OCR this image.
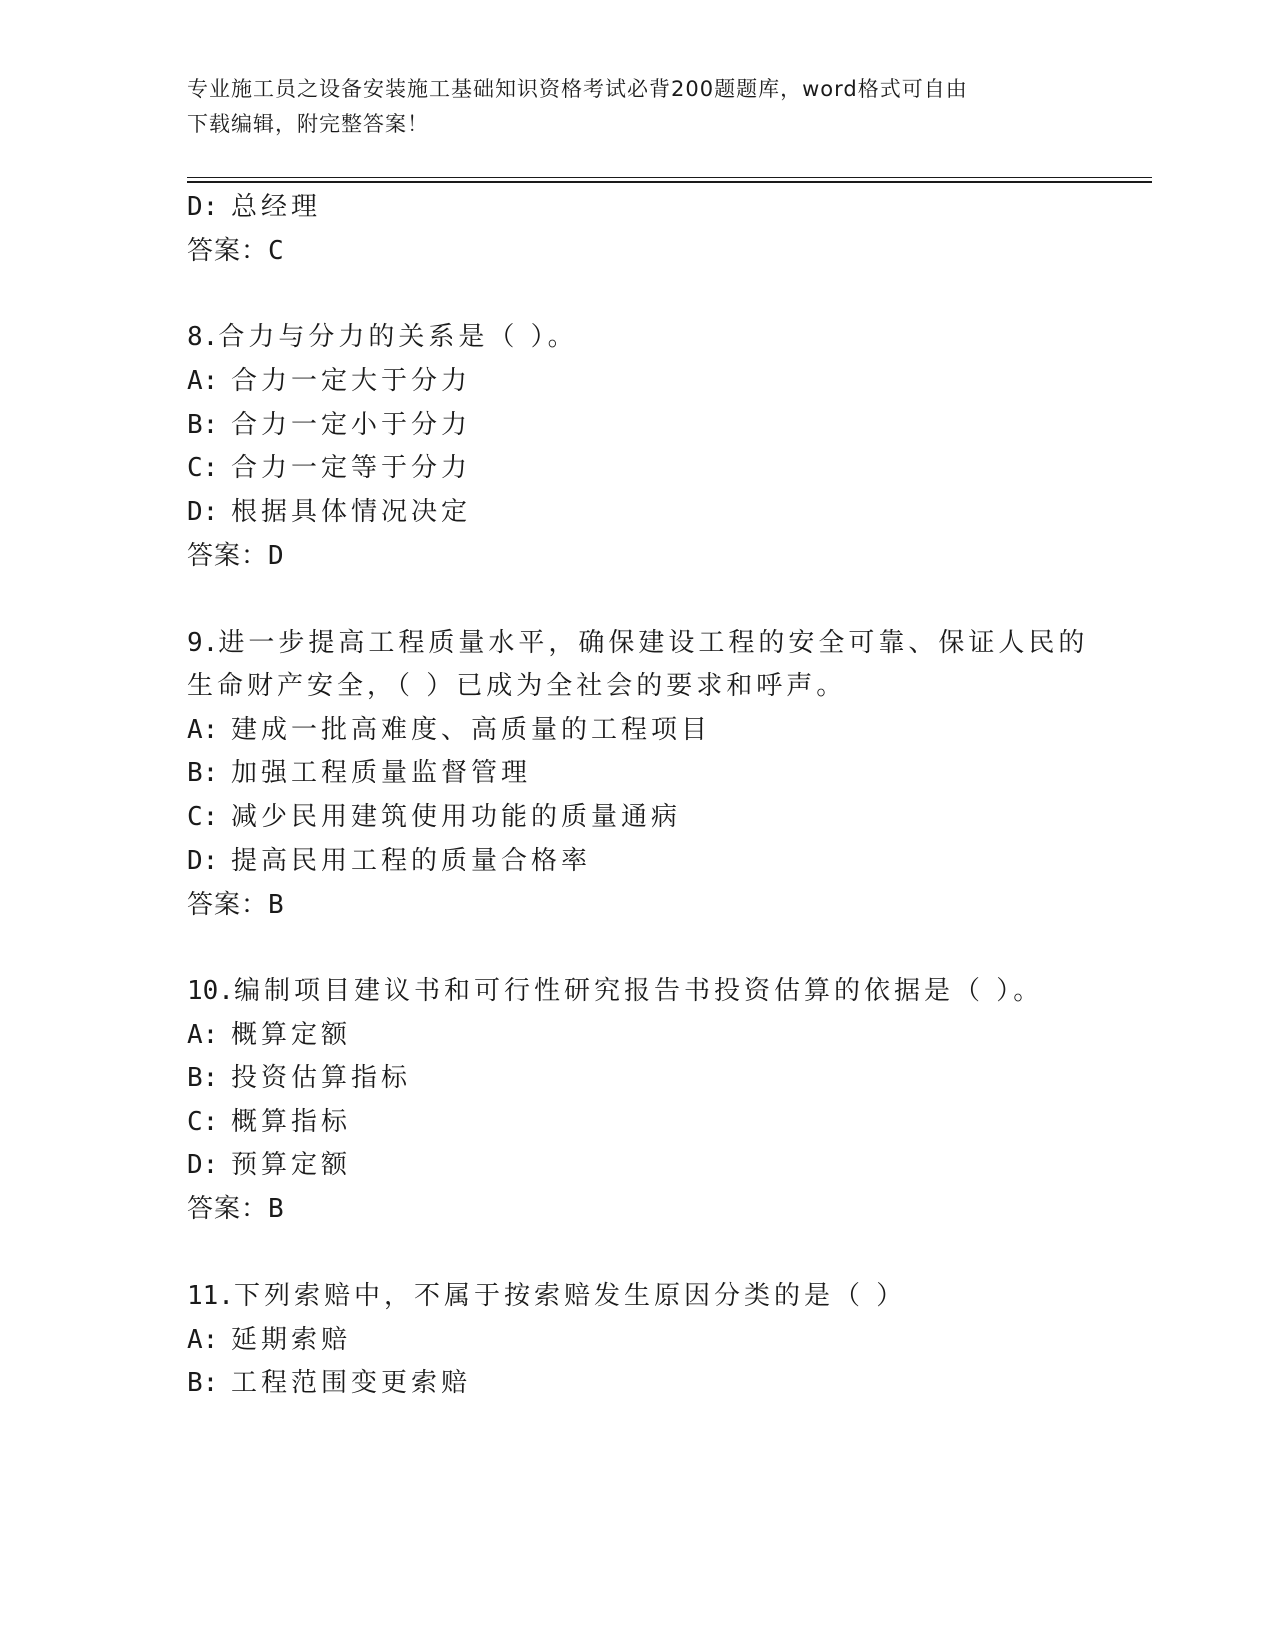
专业施工员之设备安装施工基础知识资格考试必背200题题库，word格式可自由
下载编辑，附完整答案！
D: 总经理
答案：C
8.合力与分力的关系是（ ）。
A: 合力一定大于分力
B: 合力一定小于分力
C: 合力一定等于分力
D: 根据具体情况决定
答案：D
9.进一步提高工程质量水平，确保建设工程的安全可靠、保证人民的
生命财产安全，（ ）已成为全社会的要求和呼声。
A: 建成一批高难度、高质量的工程项目
B: 加强工程质量监督管理
C: 减少民用建筑使用功能的质量通病
D: 提高民用工程的质量合格率
答案：B
10.编制项目建议书和可行性研究报告书投资估算的依据是（ ）。
A: 概算定额
B: 投资估算指标
C: 概算指标
D: 预算定额
答案：B
11.下列索赔中，不属于按索赔发生原因分类的是（ ）
A: 延期索赔
B: 工程范围变更索赔
